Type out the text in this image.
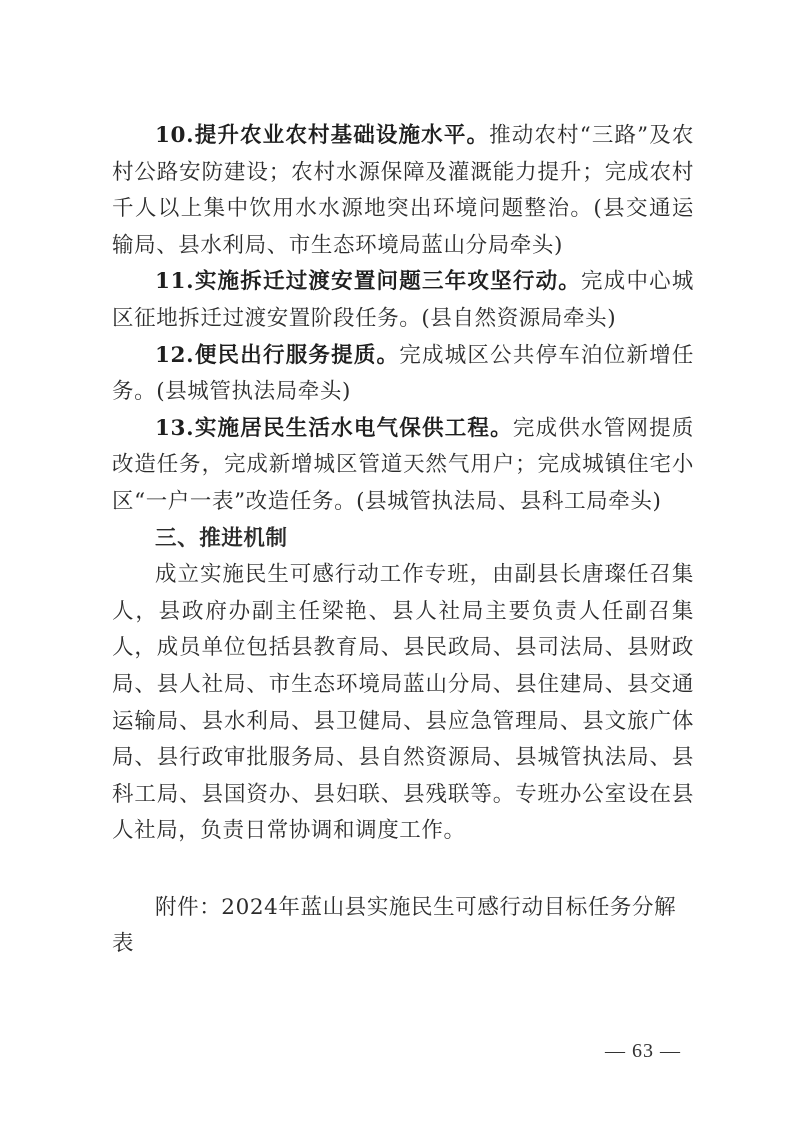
10.提升农业农村基础设施水平。推动农村“三路”及农村公路安防建设；农村水源保障及灌溉能力提升；完成农村千人以上集中饮用水水源地突出环境问题整治。(县交通运输局、县水利局、市生态环境局蓝山分局牵头)

11.实施拆迁过渡安置问题三年攻坚行动。完成中心城区征地拆迁过渡安置阶段任务。(县自然资源局牵头)

12.便民出行服务提质。完成城区公共停车泊位新增任务。(县城管执法局牵头)

13.实施居民生活水电气保供工程。完成供水管网提质改造任务，完成新增城区管道天然气用户；完成城镇住宅小区“一户一表”改造任务。(县城管执法局、县科工局牵头)

三、推进机制

成立实施民生可感行动工作专班，由副县长唐璨任召集人，县政府办副主任梁艳、县人社局主要负责人任副召集人，成员单位包括县教育局、县民政局、县司法局、县财政局、县人社局、市生态环境局蓝山分局、县住建局、县交通运输局、县水利局、县卫健局、县应急管理局、县文旅广体局、县行政审批服务局、县自然资源局、县城管执法局、县科工局、县国资办、县妇联、县残联等。专班办公室设在县人社局，负责日常协调和调度工作。

附件：2024年蓝山县实施民生可感行动目标任务分解表

— 63 —
